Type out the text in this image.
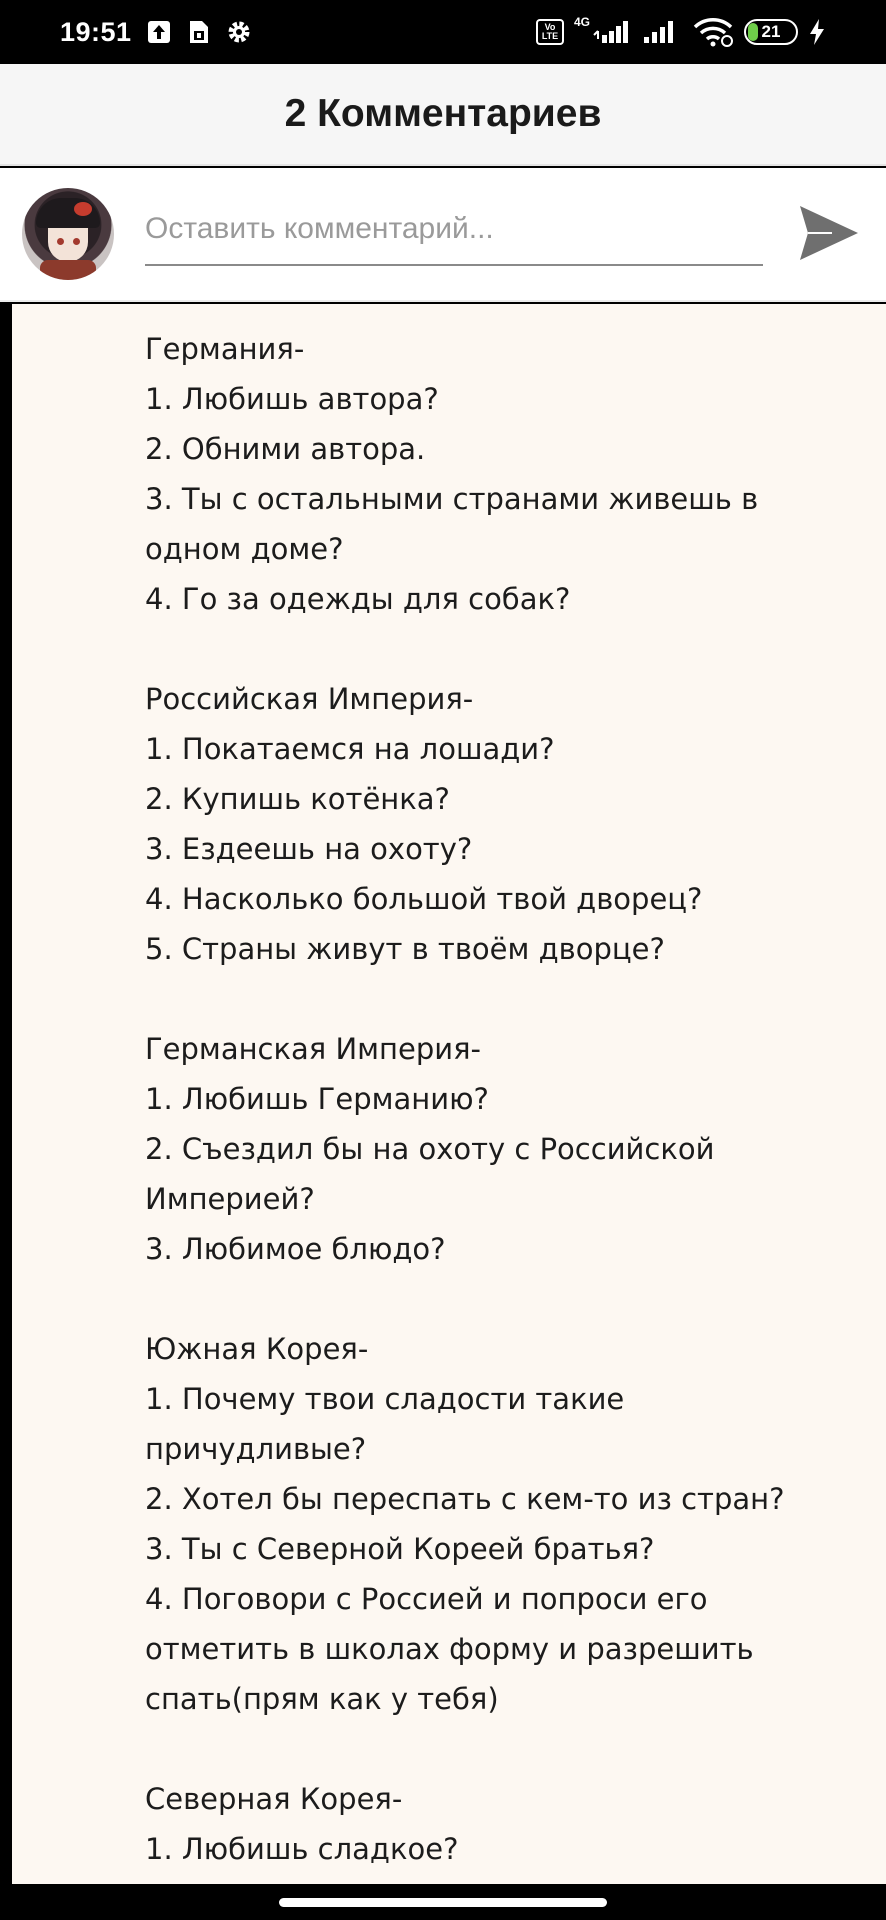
19:51	Vo LTE
4G	21
2 Комментариев
Оставить комментарий...
Германия-
1. Любишь автора?
2. Обними автора.
3. Ты с остальными странами живешь в
одном доме?
4. Го за одежды для собак?
Российская Империя-
1. Покатаемся на лошади?
2. Купишь котёнка?
3. Ездеешь на охоту?
4. Насколько большой твой дворец?
5. Страны живут в твоём дворце?
Германская Империя-
1. Любишь Германию?
2. Съездил бы на охоту с Российской
Империей?
3. Любимое блюдо?
Южная Корея-
1. Почему твои сладости такие
причудливые?
2. Хотел бы переспать с кем-то из стран?
3. Ты с Северной Кореей братья?
4. Поговори с Россией и попроси его
отметить в школах форму и разрешить
спать(прям как у тебя)
Северная Корея-
1. Любишь сладкое?
